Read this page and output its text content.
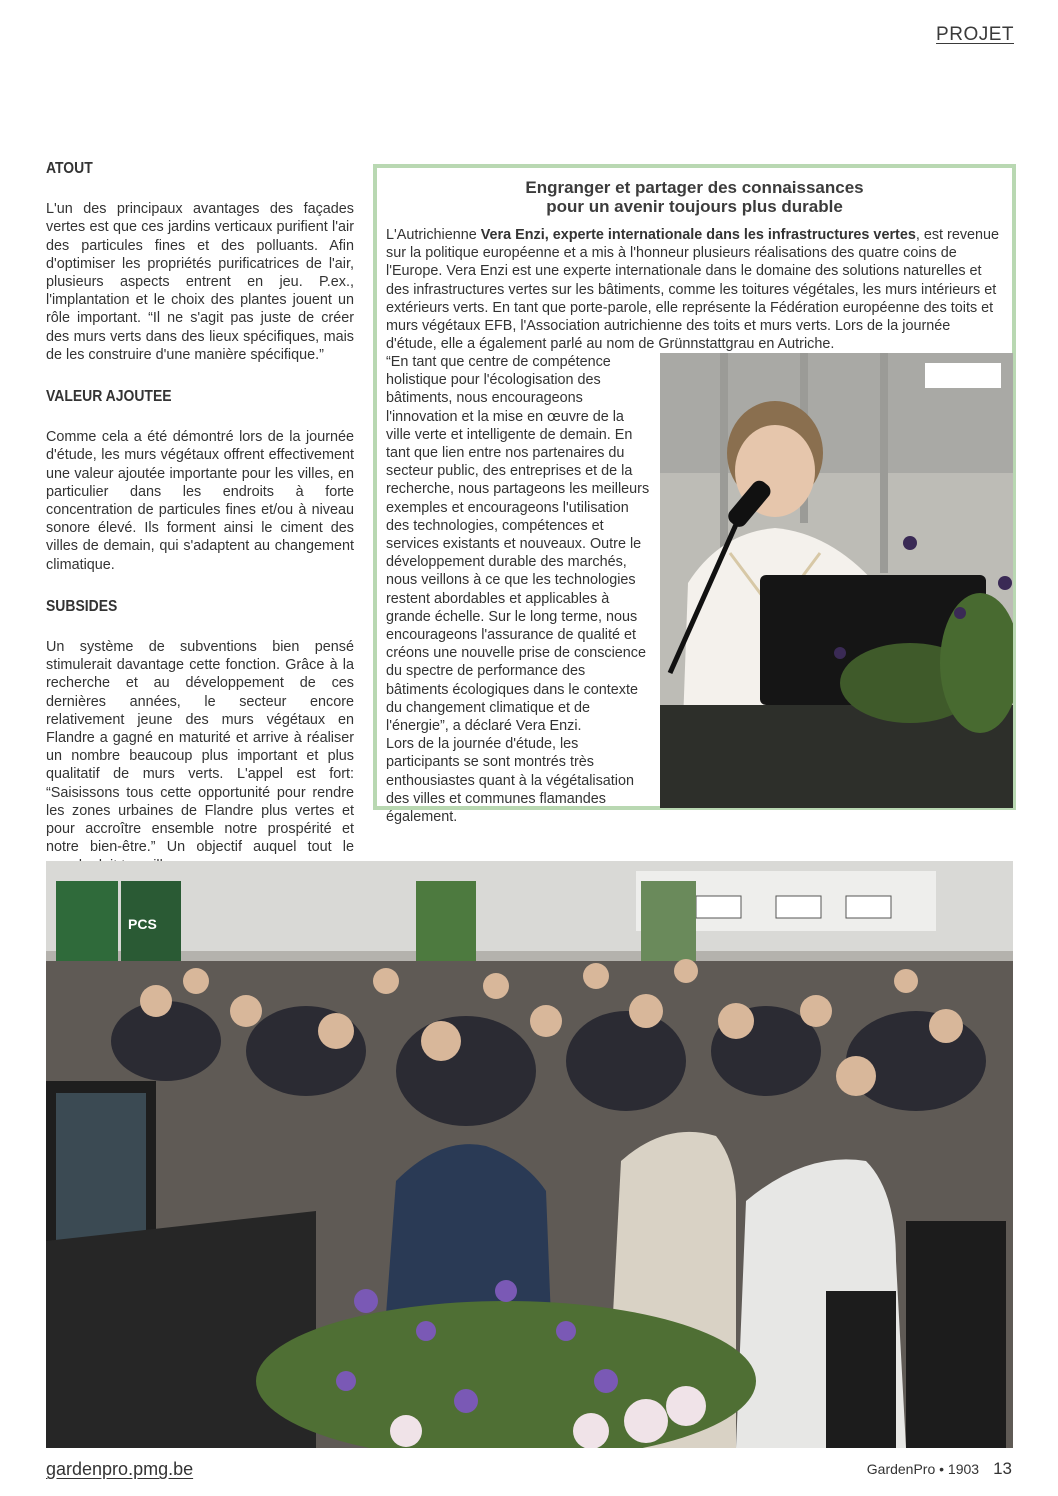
PROJET
ATOUT

L'un des principaux avantages des façades vertes est que ces jardins verticaux purifient l'air des particules fines et des polluants. Afin d'optimiser les propriétés purificatrices de l'air, plusieurs aspects entrent en jeu. P.ex., l'implantation et le choix des plantes jouent un rôle important. “Il ne s'agit pas juste de créer des murs verts dans des lieux spécifiques, mais de les construire d'une manière spécifique.”

VALEUR AJOUTEE

Comme cela a été démontré lors de la journée d'étude, les murs végétaux offrent effectivement une valeur ajoutée importante pour les villes, en particulier dans les endroits à forte concentration de particules fines et/ou à niveau sonore élevé. Ils forment ainsi le ciment des villes de demain, qui s'adaptent au changement climatique.

SUBSIDES

Un système de subventions bien pensé stimulerait davantage cette fonction. Grâce à la recherche et au développement de ces dernières années, le secteur encore relativement jeune des murs végétaux en Flandre a gagné en maturité et arrive à réaliser un nombre beaucoup plus important et plus qualitatif de murs verts. L'appel est fort: “Saisissons tous cette opportunité pour rendre les zones urbaines de Flandre plus vertes et pour accroître ensemble notre prospérité et notre bien-être.” Un objectif auquel tout le

Engranger et partager des connaissances
pour un avenir toujours plus durable
L'Autrichienne Vera Enzi, experte internationale dans les infrastructures vertes, est revenue sur la politique européenne et a mis à l'honneur plusieurs réalisations des quatre coins de l'Europe. Vera Enzi est une experte internationale dans le domaine des solutions naturelles et des infrastructures vertes sur les bâtiments, comme les toitures végétales, les murs intérieurs et extérieurs verts. En tant que porte-parole, elle représente la Fédération européenne des toits et murs végétaux EFB, l'Association autrichienne des toits et murs verts. Lors de la journée d'étude, elle a également parlé au nom de Grünnstattgrau en Autriche.
“En tant que centre de compétence holistique pour l'écologisation des bâtiments, nous encourageons l'innovation et la mise en œuvre de la ville verte et intelligente de demain. En tant que lien entre nos partenaires du secteur public, des entreprises et de la recherche, nous partageons les meilleurs exemples et encourageons l'utilisation des technologies, compétences et services existants et nouveaux. Outre le développement durable des marchés, nous veillons à ce que les technologies restent abordables et applicables à grande échelle. Sur le long terme, nous encourageons l'assurance de qualité et créons une nouvelle prise de conscience du spectre de performance des bâtiments écologiques dans le contexte du changement climatique et de l'énergie”, a déclaré Vera Enzi.
Lors de la journée d'étude, les participants se sont montrés très enthousiastes quant à la végétalisation des villes et communes flamandes également.
PCS
gardenpro.pmg.be	GardenPro • 1903 13
